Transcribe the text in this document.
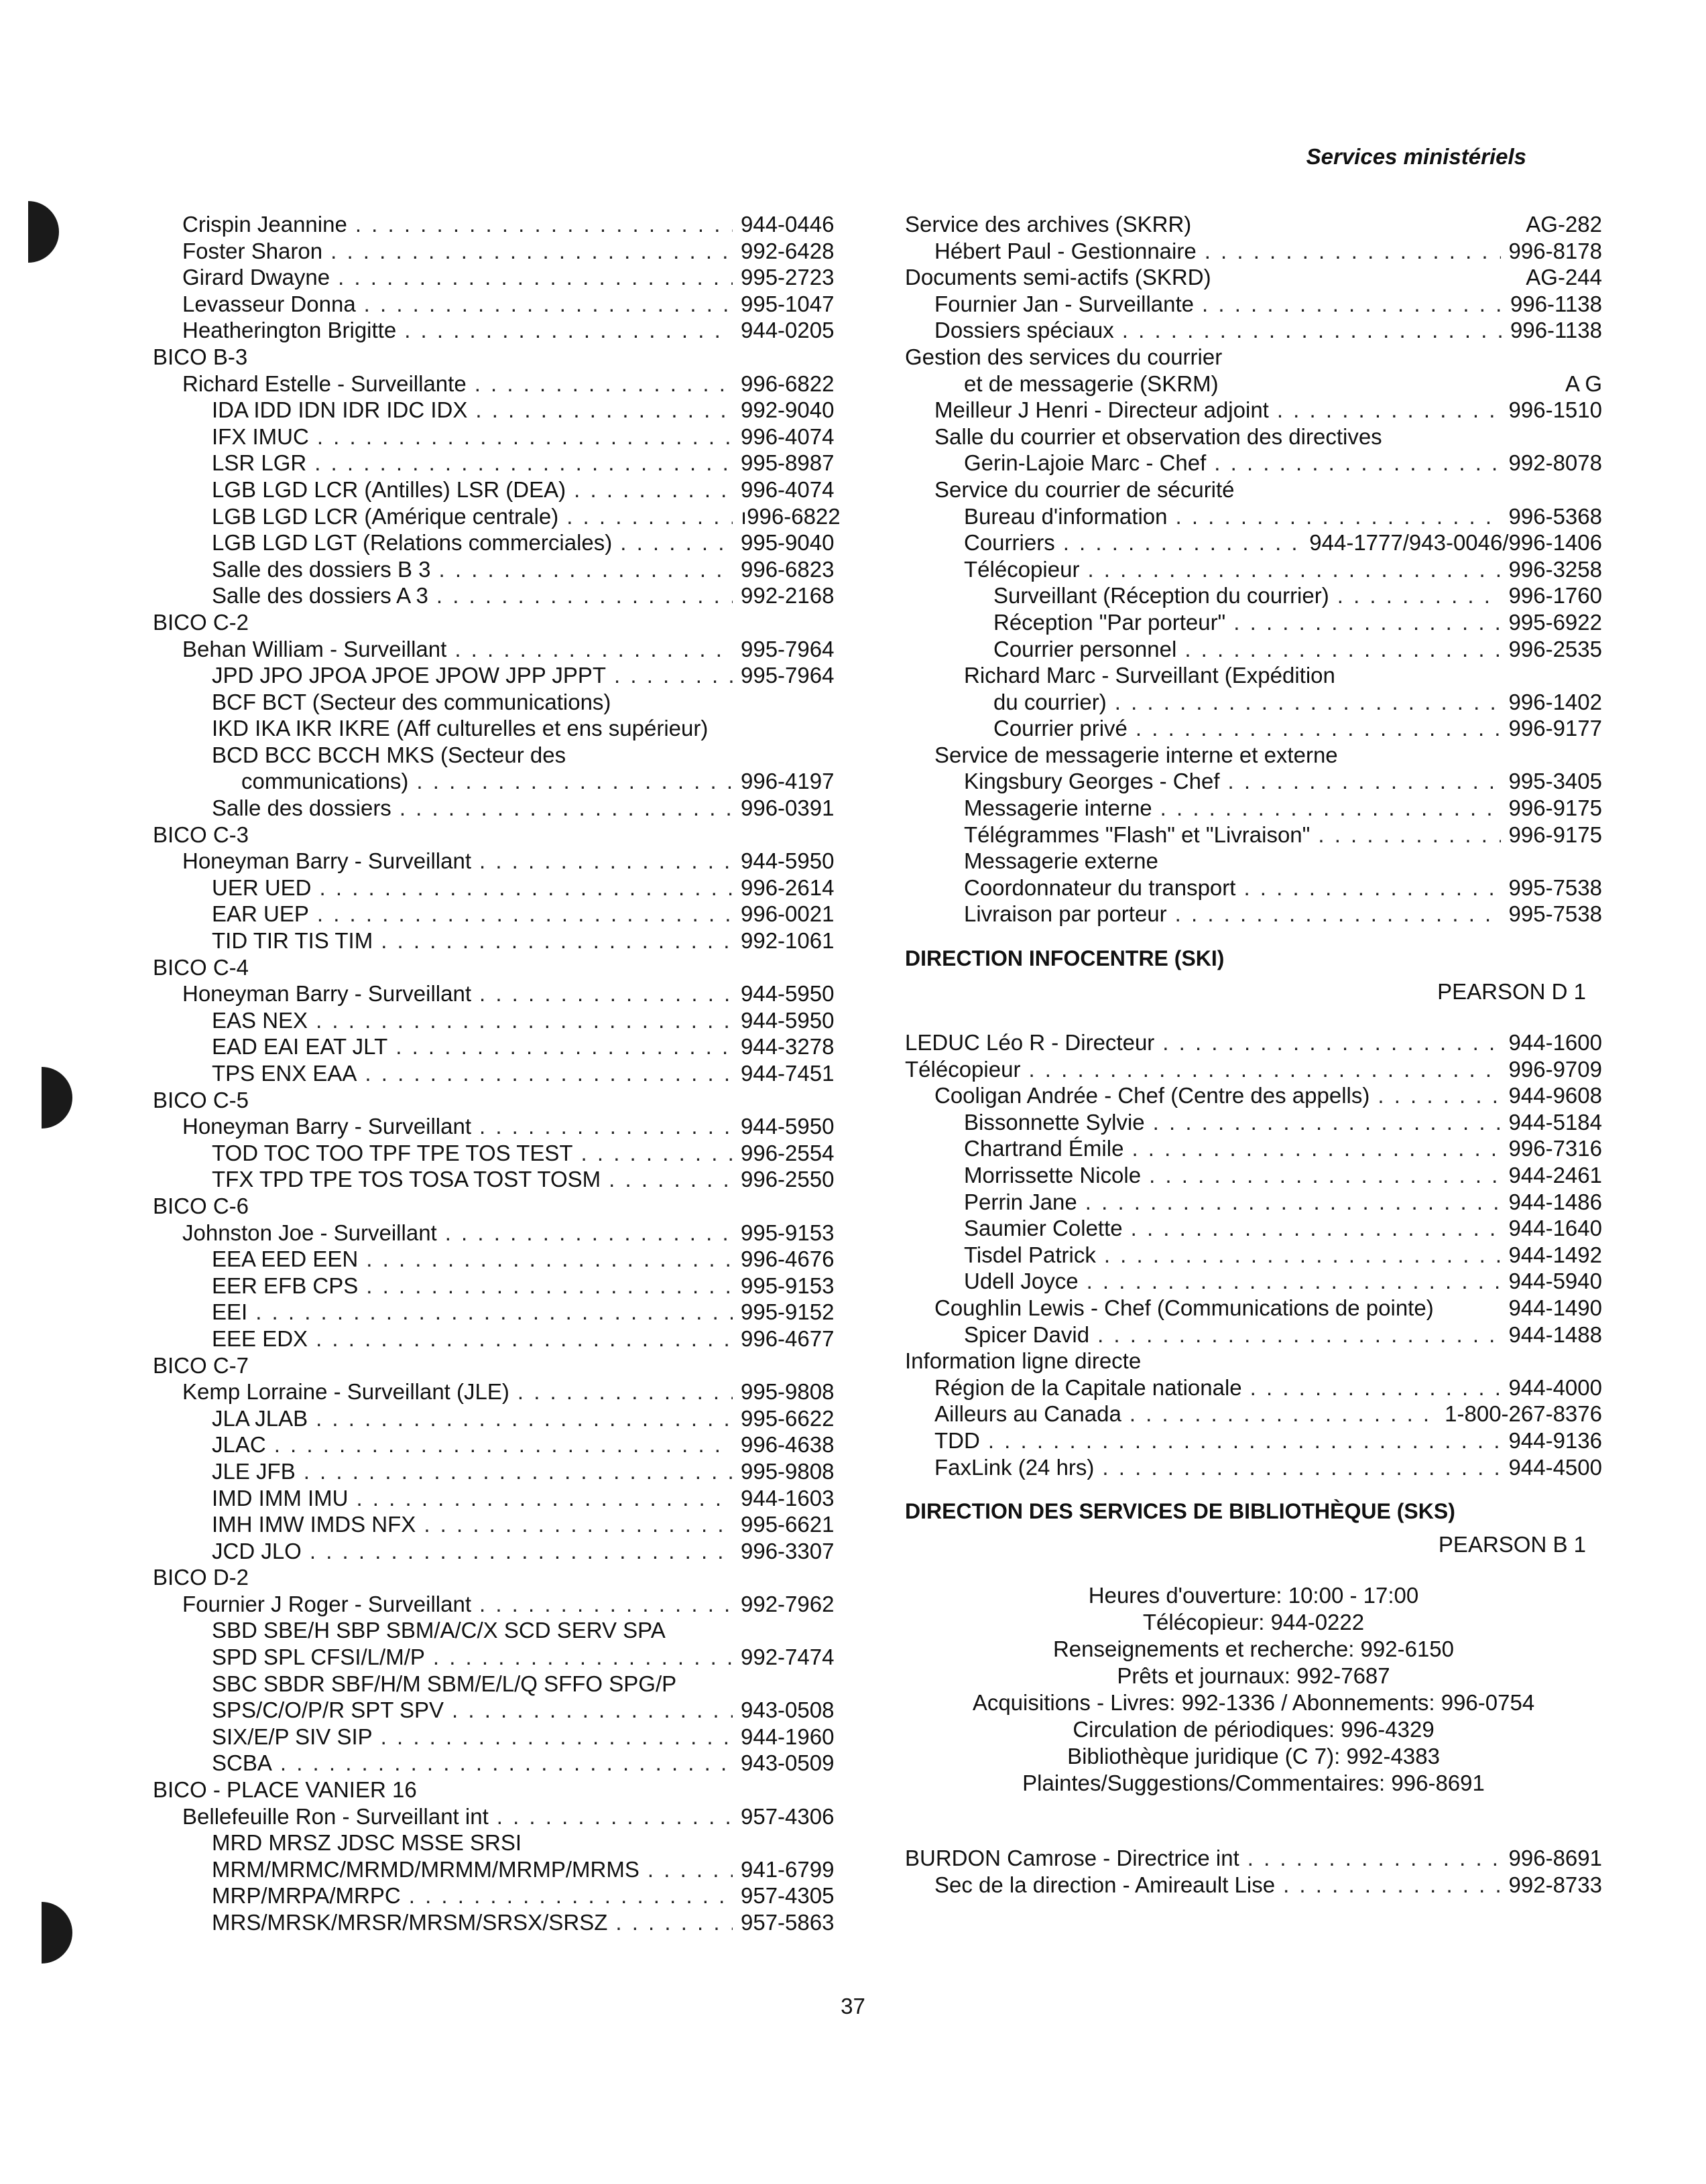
Services ministériels
Crispin Jeannine . . .	944-0446
Foster Sharon . . .	992-6428
Girard Dwayne . . .	995-2723
Levasseur Donna . . .	995-1047
Heatherington Brigitte . . .	944-0205
BICO B-3
Richard Estelle - Surveillante . . .	996-6822
IDA IDD IDN IDR IDC IDX . . .	992-9040
IFX IMUC . . .	996-4074
LSR LGR . . .	995-8987
LGB LGD LCR (Antilles) LSR (DEA) . . .	996-4074
LGB LGD LCR (Amérique centrale) . . .	ı996-6822
LGB LGD LGT (Relations commerciales) . . .	995-9040
Salle des dossiers B 3 . . .	996-6823
Salle des dossiers A 3 . . .	992-2168
BICO C-2
Behan William - Surveillant . . .	995-7964
JPD JPO JPOA JPOE JPOW JPP JPPT . . .	995-7964
BCF BCT (Secteur des communications)
IKD IKA IKR IKRE (Aff culturelles et ens supérieur)
BCD BCC BCCH MKS (Secteur des
communications) . . .	996-4197
Salle des dossiers . . .	996-0391
BICO C-3
Honeyman Barry - Surveillant . . .	944-5950
UER UED . . .	996-2614
EAR UEP . . .	996-0021
TID TIR TIS TIM . . .	992-1061
BICO C-4
Honeyman Barry - Surveillant . . .	944-5950
EAS NEX . . .	944-5950
EAD EAI EAT JLT . . .	944-3278
TPS ENX EAA . . .	944-7451
BICO C-5
Honeyman Barry - Surveillant . . .	944-5950
TOD TOC TOO TPF TPE TOS TEST . . .	996-2554
TFX TPD TPE TOS TOSA TOST TOSM . . .	996-2550
BICO C-6
Johnston Joe - Surveillant . . .	995-9153
EEA EED EEN . . .	996-4676
EER EFB CPS . . .	995-9153
EEI . . .	995-9152
EEE EDX . . .	996-4677
BICO C-7
Kemp Lorraine - Surveillant (JLE) . . .	995-9808
JLA JLAB . . .	995-6622
JLAC . . .	996-4638
JLE JFB . . .	995-9808
IMD IMM IMU . . .	944-1603
IMH IMW IMDS NFX . . .	995-6621
JCD JLO . . .	996-3307
BICO D-2
Fournier J Roger - Surveillant . . .	992-7962
SBD SBE/H SBP SBM/A/C/X SCD SERV SPA
SPD SPL CFSI/L/M/P . . .	992-7474
SBC SBDR SBF/H/M SBM/E/L/Q SFFO SPG/P
SPS/C/O/P/R SPT SPV . . .	943-0508
SIX/E/P SIV SIP . . .	944-1960
SCBA . . .	943-0509
BICO - PLACE VANIER 16
Bellefeuille Ron - Surveillant int . . .	957-4306
MRD MRSZ JDSC MSSE SRSI
MRM/MRMC/MRMD/MRMM/MRMP/MRMS . . .	941-6799
MRP/MRPA/MRPC . . .	957-4305
MRS/MRSK/MRSR/MRSM/SRSX/SRSZ . . .	957-5863
Service des archives (SKRR)	AG-282
Hébert Paul - Gestionnaire . . .	996-8178
Documents semi-actifs (SKRD)	AG-244
Fournier Jan - Surveillante . . .	996-1138
Dossiers spéciaux . . .	996-1138
Gestion des services du courrier
et de messagerie (SKRM)	A G
Meilleur J Henri - Directeur adjoint . . .	996-1510
Salle du courrier et observation des directives
Gerin-Lajoie Marc - Chef . . .	992-8078
Service du courrier de sécurité
Bureau d'information . . .	996-5368
Courriers . . .	944-1777/943-0046/996-1406
Télécopieur . . .	996-3258
Surveillant (Réception du courrier) . . .	996-1760
Réception "Par porteur" . . .	995-6922
Courrier personnel . . .	996-2535
Richard Marc - Surveillant (Expédition
du courrier) . . .	996-1402
Courrier privé . . .	996-9177
Service de messagerie interne et externe
Kingsbury Georges - Chef . . .	995-3405
Messagerie interne . . .	996-9175
Télégrammes "Flash" et "Livraison" . . .	996-9175
Messagerie externe
Coordonnateur du transport . . .	995-7538
Livraison par porteur . . .	995-7538
DIRECTION INFOCENTRE (SKI)
PEARSON D 1
LEDUC Léo R - Directeur . . .	944-1600
Télécopieur . . .	996-9709
Cooligan Andrée - Chef (Centre des appells) . . .	944-9608
Bissonnette Sylvie . . .	944-5184
Chartrand Émile . . .	996-7316
Morrissette Nicole . . .	944-2461
Perrin Jane . . .	944-1486
Saumier Colette . . .	944-1640
Tisdel Patrick . . .	944-1492
Udell Joyce . . .	944-5940
Coughlin Lewis - Chef (Communications de pointe)	944-1490
Spicer David . . .	944-1488
Information ligne directe
Région de la Capitale nationale . . .	944-4000
Ailleurs au Canada . . .	1-800-267-8376
TDD . . .	944-9136
FaxLink (24 hrs) . . .	944-4500
DIRECTION DES SERVICES DE BIBLIOTHÈQUE (SKS)
PEARSON B 1
Heures d'ouverture: 10:00 - 17:00
Télécopieur: 944-0222
Renseignements et recherche: 992-6150
Prêts et journaux: 992-7687
Acquisitions - Livres: 992-1336 / Abonnements: 996-0754
Circulation de périodiques: 996-4329
Bibliothèque juridique (C 7): 992-4383
Plaintes/Suggestions/Commentaires: 996-8691
BURDON Camrose - Directrice int . . .	996-8691
Sec de la direction - Amireault Lise . . .	992-8733
37
